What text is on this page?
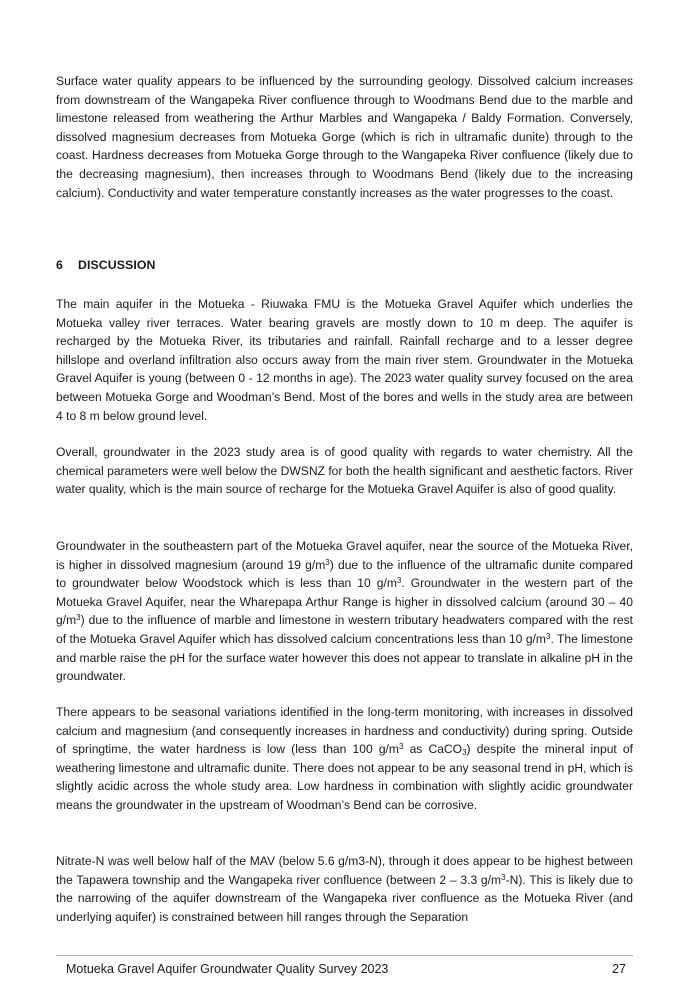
Surface water quality appears to be influenced by the surrounding geology. Dissolved calcium increases from downstream of the Wangapeka River confluence through to Woodmans Bend due to the marble and limestone released from weathering the Arthur Marbles and Wangapeka / Baldy Formation. Conversely, dissolved magnesium decreases from Motueka Gorge (which is rich in ultramafic dunite) through to the coast. Hardness decreases from Motueka Gorge through to the Wangapeka River confluence (likely due to the decreasing magnesium), then increases through to Woodmans Bend (likely due to the increasing calcium). Conductivity and water temperature constantly increases as the water progresses to the coast.

6 DISCUSSION

The main aquifer in the Motueka - Riuwaka FMU is the Motueka Gravel Aquifer which underlies the Motueka valley river terraces. Water bearing gravels are mostly down to 10 m deep. The aquifer is recharged by the Motueka River, its tributaries and rainfall. Rainfall recharge and to a lesser degree hillslope and overland infiltration also occurs away from the main river stem. Groundwater in the Motueka Gravel Aquifer is young (between 0 - 12 months in age). The 2023 water quality survey focused on the area between Motueka Gorge and Woodman’s Bend. Most of the bores and wells in the study area are between 4 to 8 m below ground level.

Overall, groundwater in the 2023 study area is of good quality with regards to water chemistry. All the chemical parameters were well below the DWSNZ for both the health significant and aesthetic factors. River water quality, which is the main source of recharge for the Motueka Gravel Aquifer is also of good quality.

Groundwater in the southeastern part of the Motueka Gravel aquifer, near the source of the Motueka River, is higher in dissolved magnesium (around 19 $g/m^3$) due to the influence of the ultramafic dunite compared to groundwater below Woodstock which is less than 10 $g/m^3$. Groundwater in the western part of the Motueka Gravel Aquifer, near the Wharepapa Arthur Range is higher in dissolved calcium (around 30 – 40 $g/m^3$) due to the influence of marble and limestone in western tributary headwaters compared with the rest of the Motueka Gravel Aquifer which has dissolved calcium concentrations less than 10 $g/m^3$. The limestone and marble raise the pH for the surface water however this does not appear to translate in alkaline pH in the groundwater.

There appears to be seasonal variations identified in the long-term monitoring, with increases in dissolved calcium and magnesium (and consequently increases in hardness and conductivity) during spring. Outside of springtime, the water hardness is low (less than 100 $g/m^3$ as CaCO$_3$) despite the mineral input of weathering limestone and ultramafic dunite. There does not appear to be any seasonal trend in pH, which is slightly acidic across the whole study area. Low hardness in combination with slightly acidic groundwater means the groundwater in the upstream of Woodman’s Bend can be corrosive.

Nitrate-N was well below half of the MAV (below 5.6 g/m3-N), through it does appear to be highest between the Tapawera township and the Wangapeka river confluence (between 2 – 3.3 $g/m^3-N$). This is likely due to the narrowing of the aquifer downstream of the Wangapeka river confluence as the Motueka River (and underlying aquifer) is constrained between hill ranges through the Separation

Motueka Gravel Aquifer Groundwater Quality Survey 2023	27
